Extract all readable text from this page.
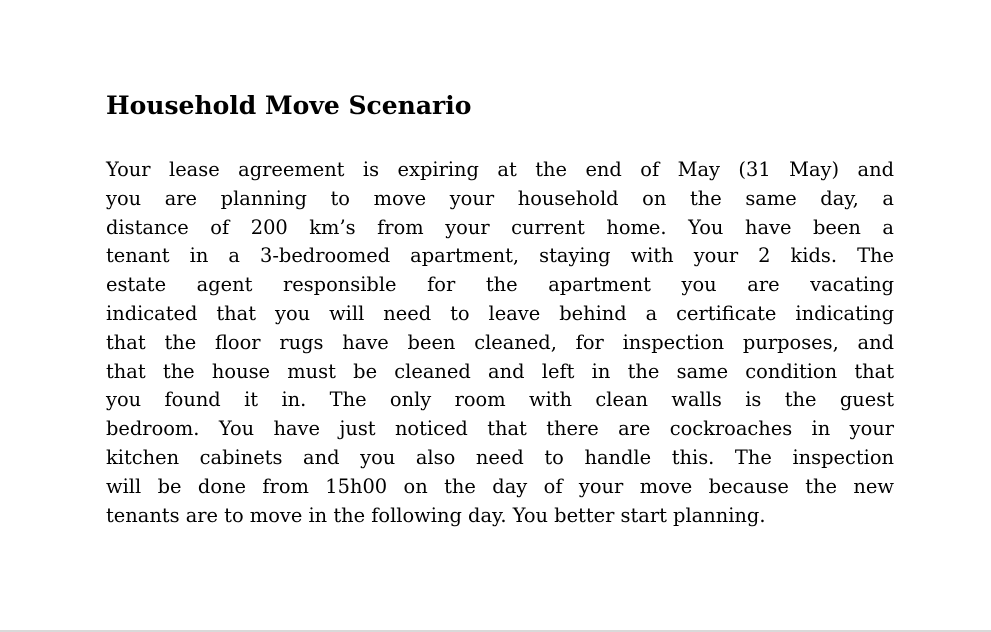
Household Move Scenario
Your lease agreement is expiring at the end of May (31 May) and
you are planning to move your household on the same day, a
distance of 200 km’s from your current home. You have been a
tenant in a 3-bedroomed apartment, staying with your 2 kids. The
estate agent responsible for the apartment you are vacating
indicated that you will need to leave behind a certificate indicating
that the floor rugs have been cleaned, for inspection purposes, and
that the house must be cleaned and left in the same condition that
you found it in. The only room with clean walls is the guest
bedroom. You have just noticed that there are cockroaches in your
kitchen cabinets and you also need to handle this. The inspection
will be done from 15h00 on the day of your move because the new
tenants are to move in the following day. You better start planning.
